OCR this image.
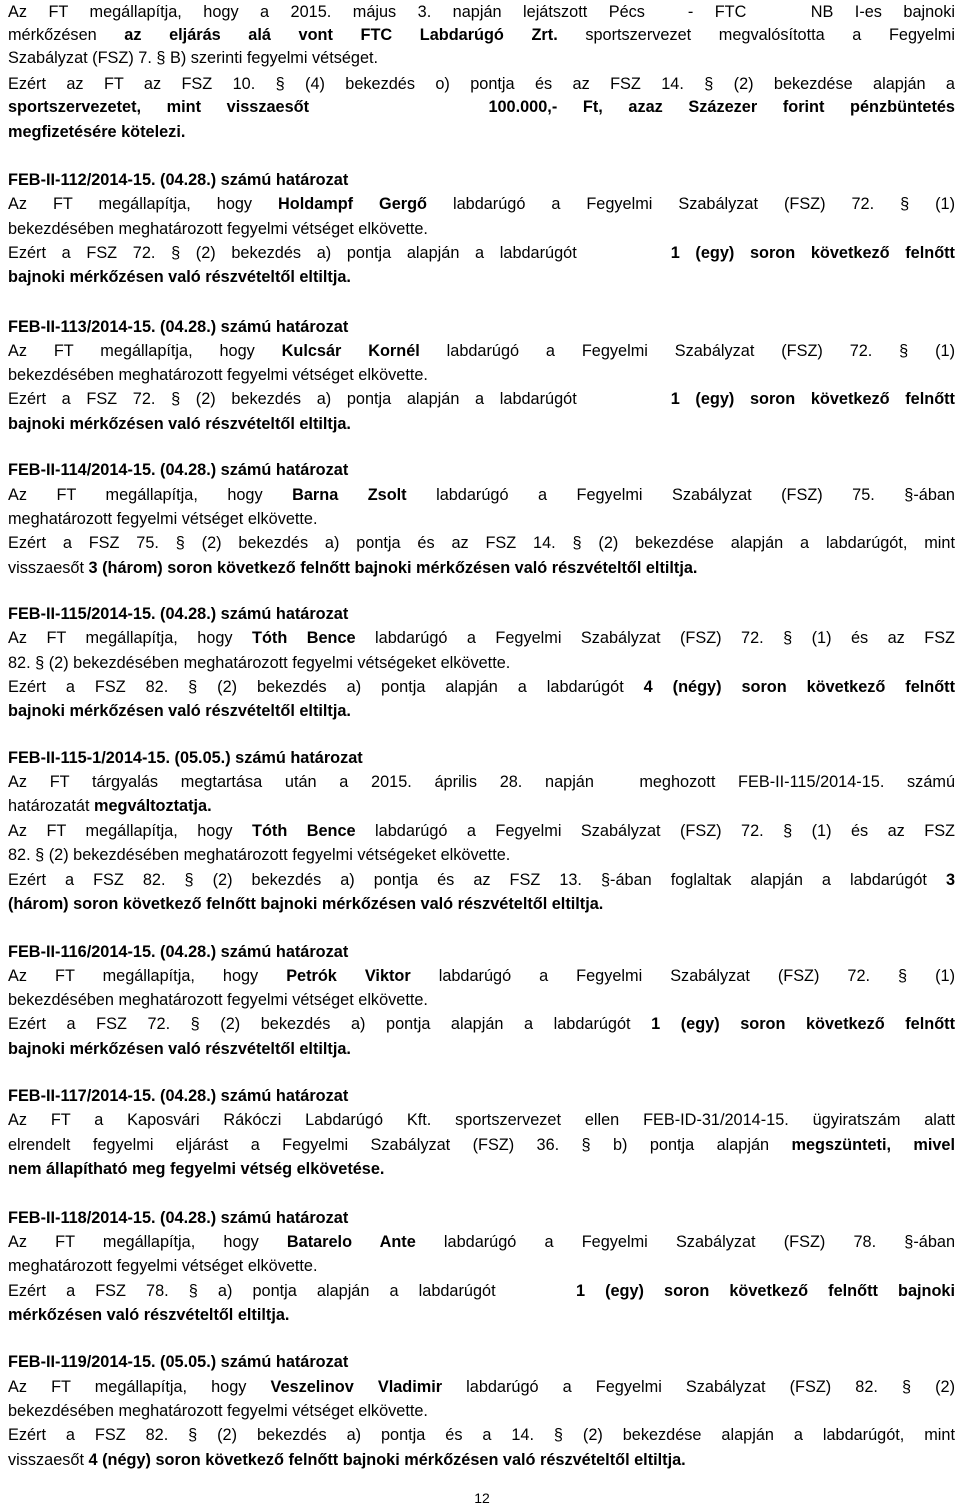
Az FT megállapítja, hogy a 2015. május 3. napján lejátszott Pécs  - FTC   NB I-es bajnoki
mérkőzésen az eljárás alá vont FTC Labdarúgó Zrt. sportszervezet megvalósította a Fegyelmi
Szabályzat (FSZ) 7. § B) szerinti fegyelmi vétséget.
Ezért az FT az FSZ 10. § (4) bekezdés o) pontja és az FSZ 14. § (2) bekezdése alapján a
sportszervezetet, mint visszaesőt       100.000,- Ft, azaz Százezer forint pénzbüntetés
megfizetésére kötelezi.
FEB-II-112/2014-15. (04.28.) számú határozat
Az FT megállapítja, hogy Holdampf Gergő labdarúgó a Fegyelmi Szabályzat (FSZ) 72. § (1)
bekezdésében meghatározott fegyelmi vétséget elkövette.
Ezért a FSZ 72. § (2) bekezdés a) pontja alapján a labdarúgót      1 (egy) soron következő felnőtt
bajnoki mérkőzésen való részvételtől eltiltja.
FEB-II-113/2014-15. (04.28.) számú határozat
Az FT megállapítja, hogy Kulcsár Kornél labdarúgó a Fegyelmi Szabályzat (FSZ) 72. § (1)
bekezdésében meghatározott fegyelmi vétséget elkövette.
Ezért a FSZ 72. § (2) bekezdés a) pontja alapján a labdarúgót      1 (egy) soron következő felnőtt
bajnoki mérkőzésen való részvételtől eltiltja.
FEB-II-114/2014-15. (04.28.) számú határozat
Az FT megállapítja, hogy Barna Zsolt labdarúgó a Fegyelmi Szabályzat (FSZ) 75. §-ában
meghatározott fegyelmi vétséget elkövette.
Ezért a FSZ 75. § (2) bekezdés a) pontja és az FSZ 14. § (2) bekezdése alapján a labdarúgót, mint
visszaesőt 3 (három) soron következő felnőtt bajnoki mérkőzésen való részvételtől eltiltja.
FEB-II-115/2014-15. (04.28.) számú határozat
Az FT megállapítja, hogy Tóth Bence labdarúgó a Fegyelmi Szabályzat (FSZ) 72. § (1) és az FSZ
82. § (2) bekezdésében meghatározott fegyelmi vétségeket elkövette.
Ezért a FSZ 82. § (2) bekezdés a) pontja alapján a labdarúgót 4 (négy) soron következő felnőtt
bajnoki mérkőzésen való részvételtől eltiltja.
FEB-II-115-1/2014-15. (05.05.) számú határozat
Az FT tárgyalás megtartása után a 2015. április 28. napján  meghozott FEB-II-115/2014-15. számú
határozatát megváltoztatja.
Az FT megállapítja, hogy Tóth Bence labdarúgó a Fegyelmi Szabályzat (FSZ) 72. § (1) és az FSZ
82. § (2) bekezdésében meghatározott fegyelmi vétségeket elkövette.
Ezért a FSZ 82. § (2) bekezdés a) pontja és az FSZ 13. §-ában foglaltak alapján a labdarúgót 3
(három) soron következő felnőtt bajnoki mérkőzésen való részvételtől eltiltja.
FEB-II-116/2014-15. (04.28.) számú határozat
Az FT megállapítja, hogy Petrók Viktor labdarúgó a Fegyelmi Szabályzat (FSZ) 72. § (1)
bekezdésében meghatározott fegyelmi vétséget elkövette.
Ezért a FSZ 72. § (2) bekezdés a) pontja alapján a labdarúgót 1 (egy) soron következő felnőtt
bajnoki mérkőzésen való részvételtől eltiltja.
FEB-II-117/2014-15. (04.28.) számú határozat
Az FT a Kaposvári Rákóczi Labdarúgó Kft. sportszervezet ellen FEB-ID-31/2014-15. ügyiratszám alatt
elrendelt fegyelmi eljárást a Fegyelmi Szabályzat (FSZ) 36. § b) pontja alapján megszünteti, mivel
nem állapítható meg fegyelmi vétség elkövetése.
FEB-II-118/2014-15. (04.28.) számú határozat
Az FT megállapítja, hogy Batarelo Ante labdarúgó a Fegyelmi Szabályzat (FSZ) 78. §-ában
meghatározott fegyelmi vétséget elkövette.
Ezért a FSZ 78. § a) pontja alapján a labdarúgót    1 (egy) soron következő felnőtt bajnoki
mérkőzésen való részvételtől eltiltja.
FEB-II-119/2014-15. (05.05.) számú határozat
Az FT megállapítja, hogy Veszelinov Vladimir labdarúgó a Fegyelmi Szabályzat (FSZ) 82. § (2)
bekezdésében meghatározott fegyelmi vétséget elkövette.
Ezért a FSZ 82. § (2) bekezdés a) pontja és a 14. § (2) bekezdése alapján a labdarúgót, mint
visszaesőt 4 (négy) soron következő felnőtt bajnoki mérkőzésen való részvételtől eltiltja.
12
